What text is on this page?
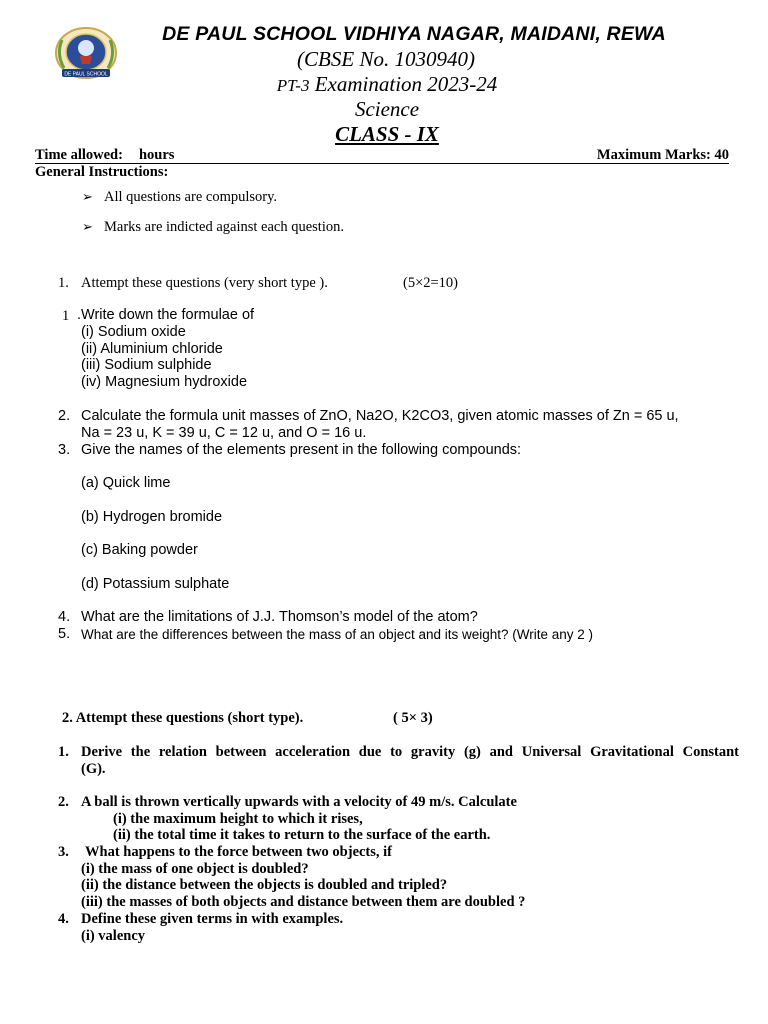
DE PAUL SCHOOL
DE PAUL SCHOOL VIDHIYA NAGAR, MAIDANI, REWA
(CBSE No. 1030940)
PT-3 Examination 2023-24
Science
CLASS - IX
Time allowed: hours	Maximum Marks: 40
General Instructions:
➢ All questions are compulsory.
➢ Marks are indicted against each question.
1. Attempt these questions (very short type ).	(5×2=10)
1 .Write down the formulae of
(i) Sodium oxide
(ii) Aluminium chloride
(iii) Sodium sulphide
(iv) Magnesium hydroxide
2. Calculate the formula unit masses of ZnO, Na2O, K2CO3, given atomic masses of Zn = 65 u,
Na = 23 u, K = 39 u, C = 12 u, and O = 16 u.
3. Give the names of the elements present in the following compounds:
(a) Quick lime
(b) Hydrogen bromide
(c) Baking powder
(d) Potassium sulphate
4. What are the limitations of J.J. Thomson’s model of the atom?
5. What are the differences between the mass of an object and its weight? (Write any 2 )
2. Attempt these questions (short type).	( 5× 3)
1. Derive the relation between acceleration due to gravity (g) and Universal Gravitational Constant
(G).
2. A ball is thrown vertically upwards with a velocity of 49 m/s. Calculate
(i) the maximum height to which it rises,
(ii) the total time it takes to return to the surface of the earth.
3. What happens to the force between two objects, if
(i) the mass of one object is doubled?
(ii) the distance between the objects is doubled and tripled?
(iii) the masses of both objects and distance between them are doubled ?
4. Define these given terms in with examples.
(i) valency
